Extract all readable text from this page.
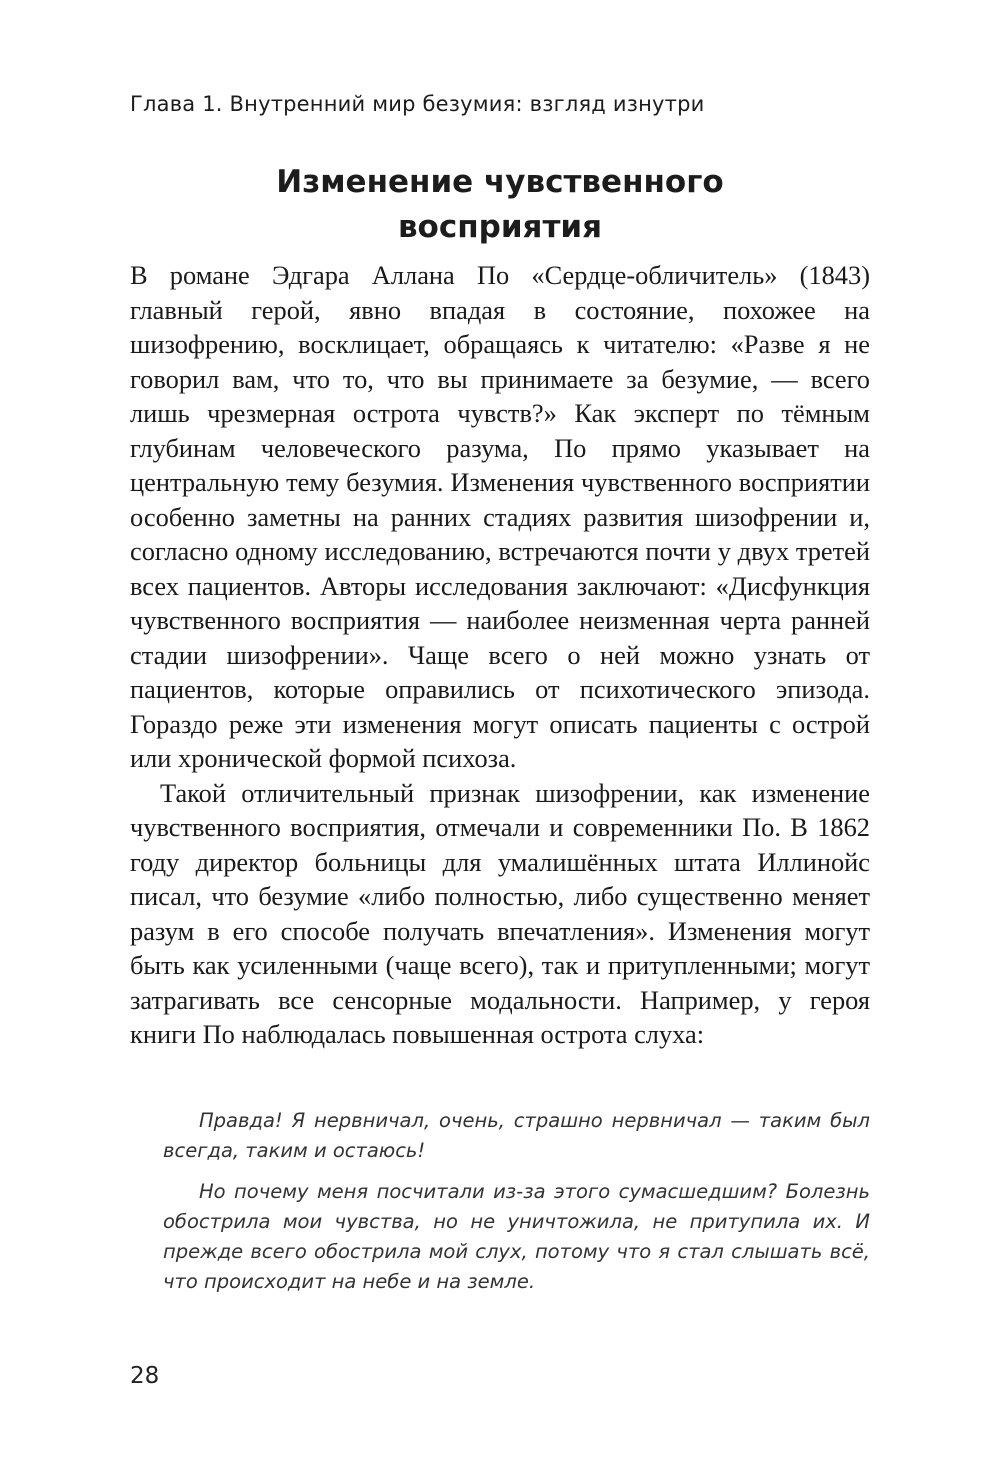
Глава 1. Внутренний мир безумия: взгляд изнутри
Изменение чувственного
восприятия

В романе Эдгара Аллана По «Сердце-обличитель» (1843) главный герой, явно впадая в состояние, похожее на шизофрению, восклицает, обращаясь к читателю: «Разве я не говорил вам, что то, что вы принимаете за безумие, — всего лишь чрезмерная острота чувств?» Как эксперт по тёмным глубинам человеческого разума, По прямо указывает на центральную тему безумия. Изменения чувственного восприятии особенно заметны на ранних стадиях развития шизофрении и, согласно одному исследованию, встречаются почти у двух третей всех пациентов. Авторы исследования заключают: «Дисфункция чувственного восприятия — наиболее неизменная черта ранней стадии шизофрении». Чаще всего о ней можно узнать от пациентов, которые оправились от психотического эпизода. Гораздо реже эти изменения могут описать пациенты с острой или хронической формой психоза.

Такой отличительный признак шизофрении, как изменение чувственного восприятия, отмечали и современники По. В 1862 году директор больницы для умалишённых штата Иллинойс писал, что безумие «либо полностью, либо существенно меняет разум в его способе получать впечатления». Изменения могут быть как усиленными (чаще всего), так и притупленными; могут затрагивать все сенсорные модальности. Например, у героя книги По наблюдалась повышенная острота слуха:

Правда! Я нервничал, очень, страшно нервничал — таким был всегда, таким и остаюсь!

Но почему меня посчитали из-за этого сумасшедшим? Болезнь обострила мои чувства, но не уничтожила, не притупила их. И прежде всего обострила мой слух, потому что я стал слышать всё, что происходит на небе и на земле.

28
